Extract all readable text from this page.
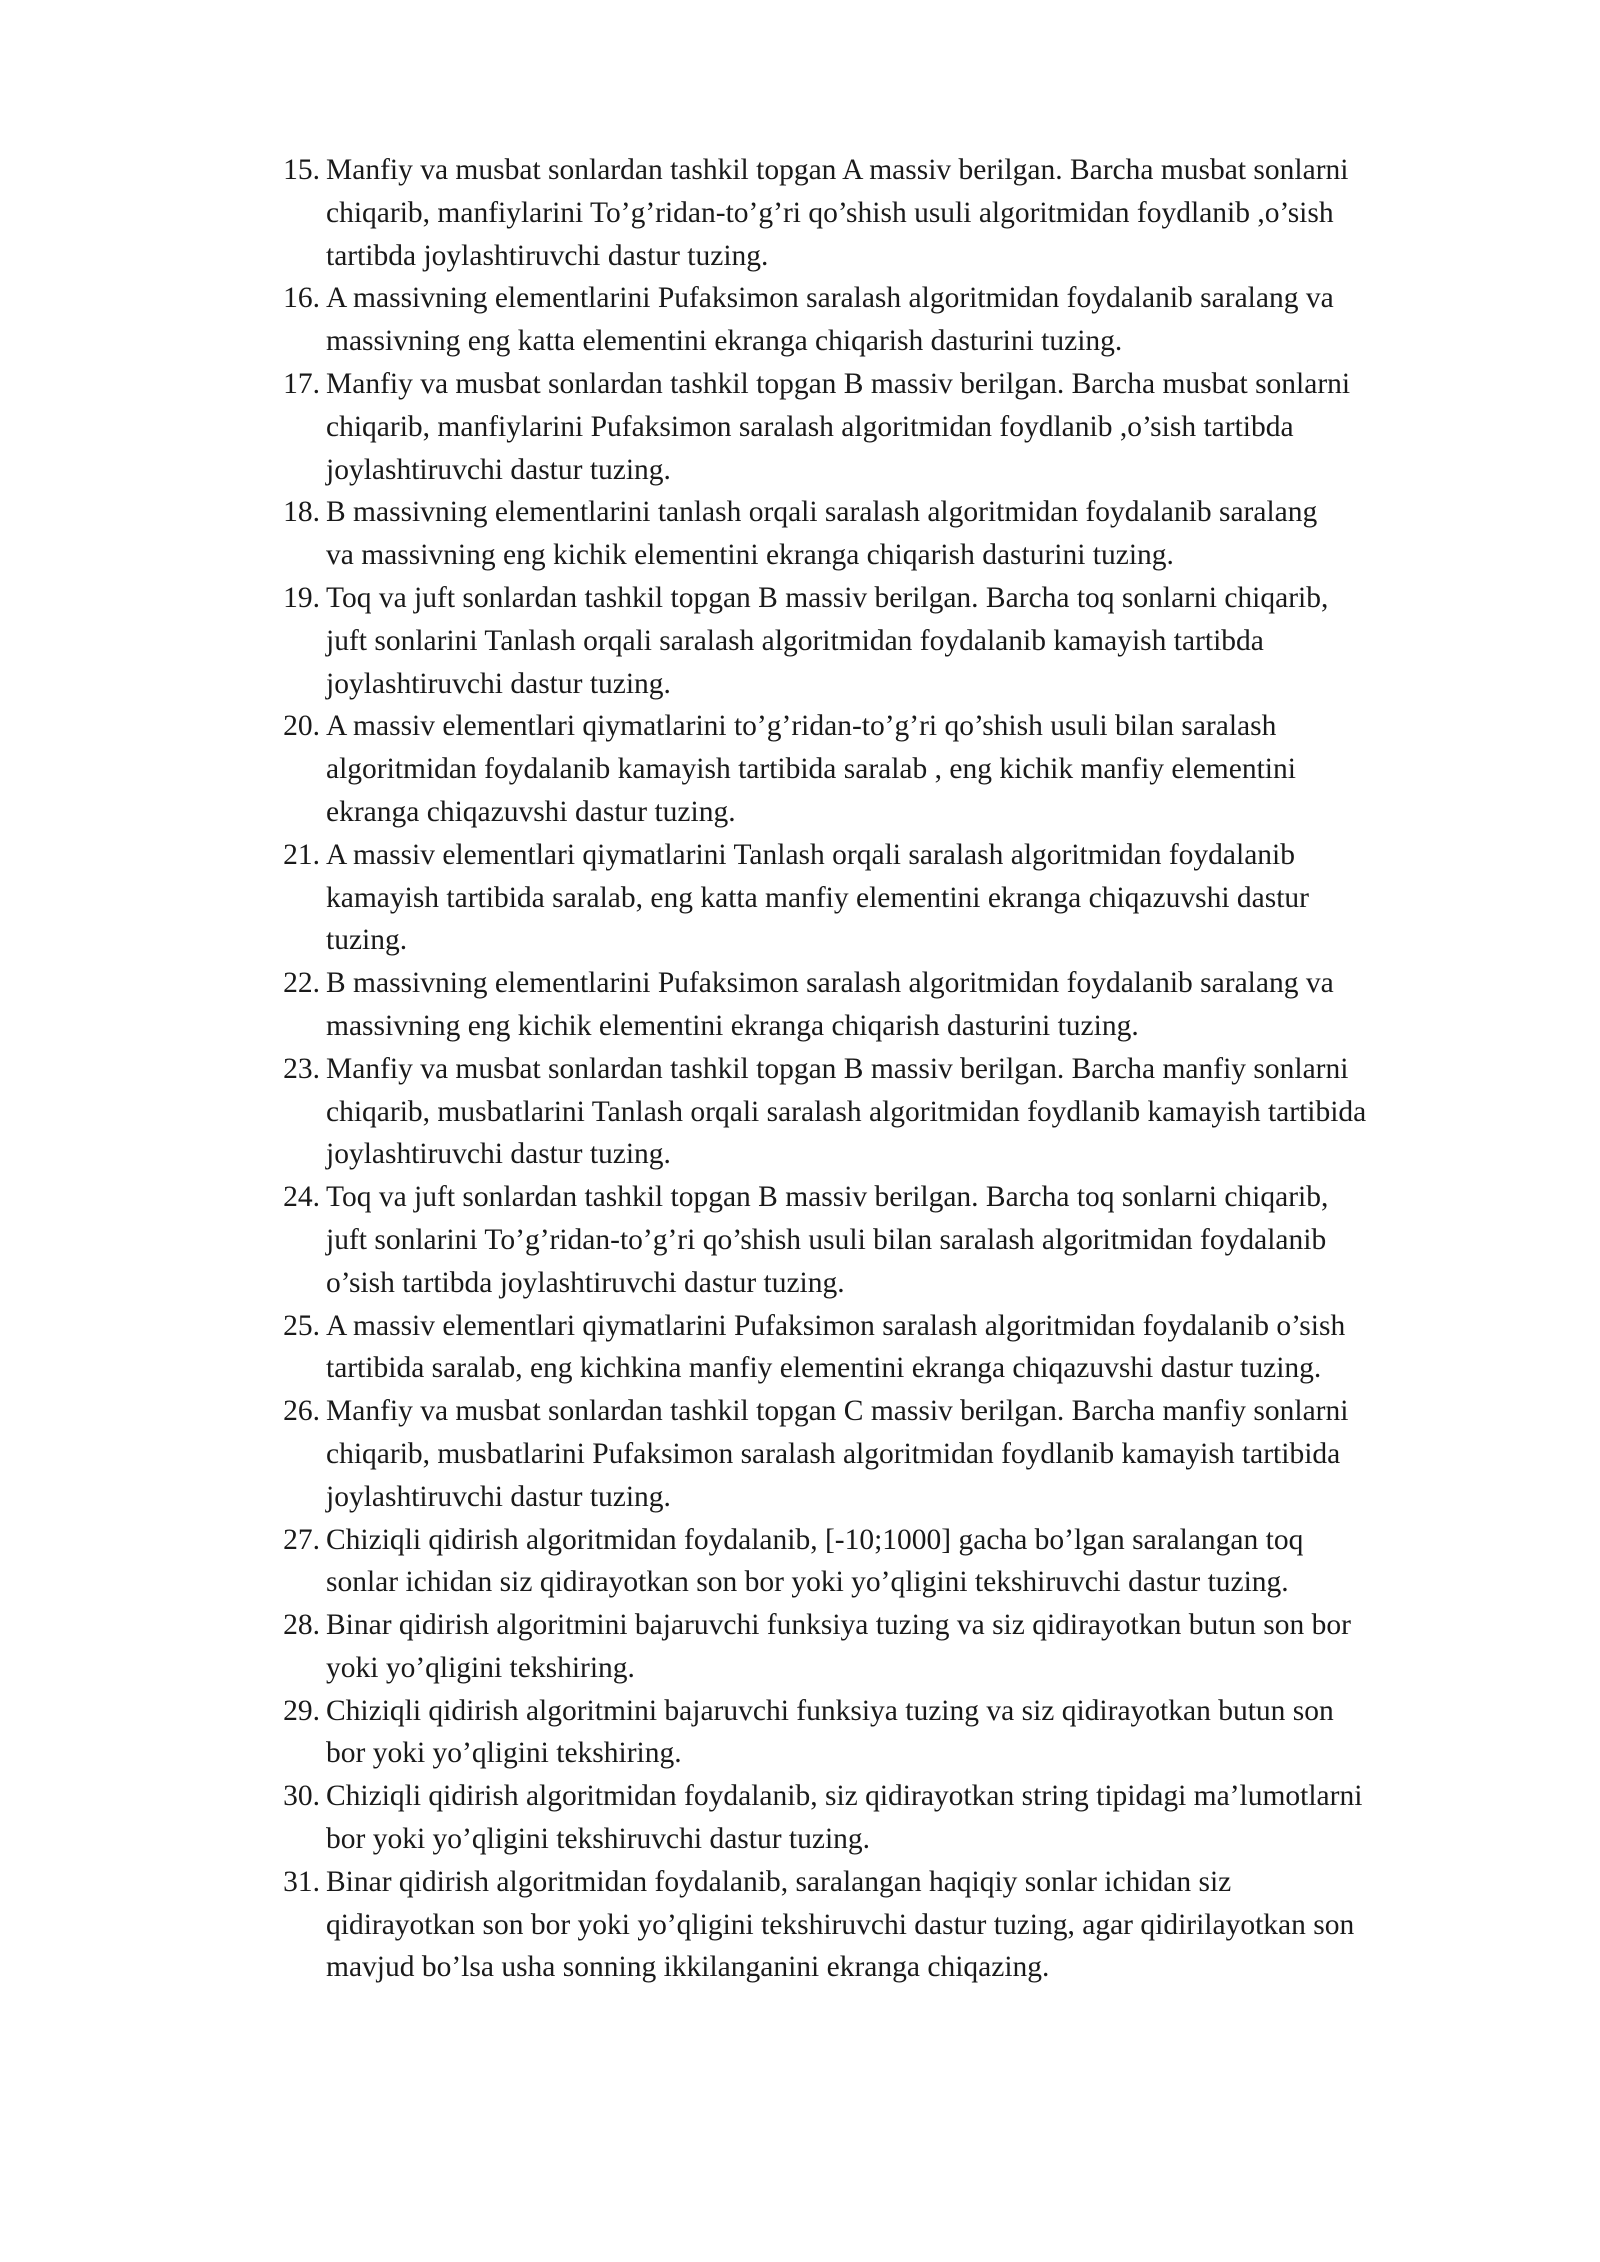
15. Manfiy va musbat sonlardan tashkil topgan A massiv berilgan. Barcha musbat sonlarni
chiqarib, manfiylarini To’g’ridan-to’g’ri qo’shish usuli algoritmidan foydlanib ,o’sish
tartibda joylashtiruvchi dastur tuzing.
16. A massivning elementlarini Pufaksimon saralash algoritmidan foydalanib saralang va
massivning eng katta elementini ekranga chiqarish dasturini tuzing.
17. Manfiy va musbat sonlardan tashkil topgan B massiv berilgan. Barcha musbat sonlarni
chiqarib, manfiylarini Pufaksimon saralash algoritmidan foydlanib ,o’sish tartibda
joylashtiruvchi dastur tuzing.
18. B massivning elementlarini tanlash orqali saralash algoritmidan foydalanib saralang
va massivning eng kichik elementini ekranga chiqarish dasturini tuzing.
19. Toq va juft sonlardan tashkil topgan B massiv berilgan. Barcha toq sonlarni chiqarib,
juft sonlarini Tanlash orqali saralash algoritmidan foydalanib kamayish tartibda
joylashtiruvchi dastur tuzing.
20. A massiv elementlari qiymatlarini to’g’ridan-to’g’ri qo’shish usuli bilan saralash
algoritmidan foydalanib kamayish tartibida saralab , eng kichik manfiy elementini
ekranga chiqazuvshi dastur tuzing.
21. A massiv elementlari qiymatlarini Tanlash orqali saralash algoritmidan foydalanib
kamayish tartibida saralab, eng katta manfiy elementini ekranga chiqazuvshi dastur
tuzing.
22. B massivning elementlarini Pufaksimon saralash algoritmidan foydalanib saralang va
massivning eng kichik elementini ekranga chiqarish dasturini tuzing.
23. Manfiy va musbat sonlardan tashkil topgan B massiv berilgan. Barcha manfiy sonlarni
chiqarib, musbatlarini Tanlash orqali saralash algoritmidan foydlanib kamayish tartibida
joylashtiruvchi dastur tuzing.
24. Toq va juft sonlardan tashkil topgan B massiv berilgan. Barcha toq sonlarni chiqarib,
juft sonlarini To’g’ridan-to’g’ri qo’shish usuli bilan saralash algoritmidan foydalanib
o’sish tartibda joylashtiruvchi dastur tuzing.
25. A massiv elementlari qiymatlarini Pufaksimon saralash algoritmidan foydalanib o’sish
tartibida saralab, eng kichkina manfiy elementini ekranga chiqazuvshi dastur tuzing.
26. Manfiy va musbat sonlardan tashkil topgan C massiv berilgan. Barcha manfiy sonlarni
chiqarib, musbatlarini Pufaksimon saralash algoritmidan foydlanib kamayish tartibida
joylashtiruvchi dastur tuzing.
27. Chiziqli qidirish algoritmidan foydalanib, [-10;1000] gacha bo’lgan saralangan toq
sonlar ichidan siz qidirayotkan son bor yoki yo’qligini tekshiruvchi dastur tuzing.
28. Binar qidirish algoritmini bajaruvchi funksiya tuzing va siz qidirayotkan butun son bor
yoki yo’qligini tekshiring.
29. Chiziqli qidirish algoritmini bajaruvchi funksiya tuzing va siz qidirayotkan butun son
bor yoki yo’qligini tekshiring.
30. Chiziqli qidirish algoritmidan foydalanib, siz qidirayotkan string tipidagi ma’lumotlarni
bor yoki yo’qligini tekshiruvchi dastur tuzing.
31. Binar qidirish algoritmidan foydalanib, saralangan haqiqiy sonlar ichidan siz
qidirayotkan son bor yoki yo’qligini tekshiruvchi dastur tuzing, agar qidirilayotkan son
mavjud bo’lsa usha sonning ikkilanganini ekranga chiqazing.
